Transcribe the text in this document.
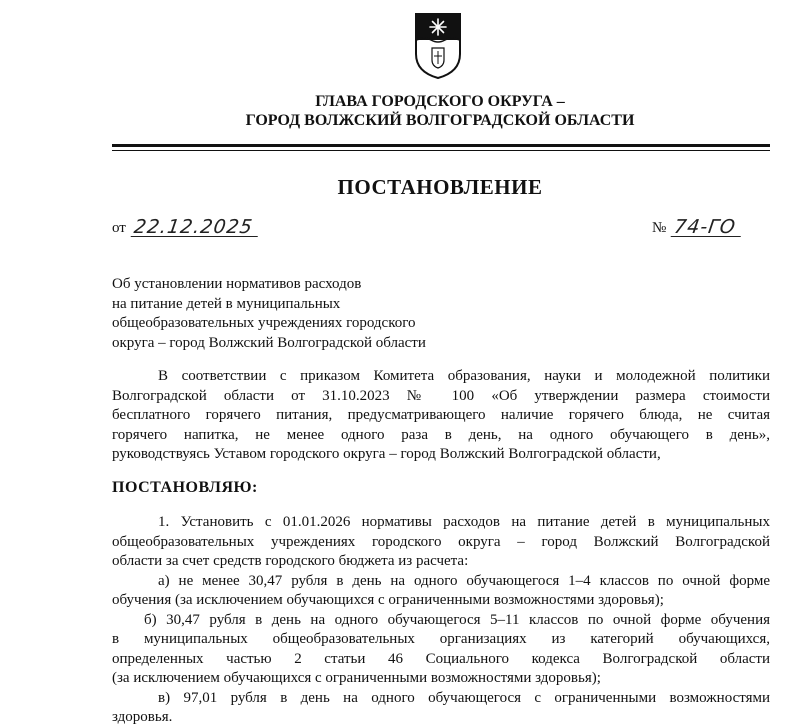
ГЛАВА ГОРОДСКОГО ОКРУГА –
ГОРОД ВОЛЖСКИЙ ВОЛГОГРАДСКОЙ ОБЛАСТИ
ПОСТАНОВЛЕНИЕ
от 22.12.2025	№ 74-ГО
Об установлении нормативов расходов
на питание детей в муниципальных
общеобразовательных учреждениях городского
округа – город Волжский Волгоградской области
В соответствии с приказом Комитета образования, науки и молодежной политики
Волгоградской области от 31.10.2023 № 100 «Об утверждении размера стоимости
бесплатного горячего питания, предусматривающего наличие горячего блюда, не считая
горячего напитка, не менее одного раза в день, на одного обучающего в день»,
руководствуясь Уставом городского округа – город Волжский Волгоградской области,
ПОСТАНОВЛЯЮ:
1. Установить с 01.01.2026 нормативы расходов на питание детей в муниципальных
общеобразовательных учреждениях городского округа – город Волжский Волгоградской
области за счет средств городского бюджета из расчета:
а) не менее 30,47 рубля в день на одного обучающегося 1–4 классов по очной форме
обучения (за исключением обучающихся с ограниченными возможностями здоровья);
б) 30,47 рубля в день на одного обучающегося 5–11 классов по очной форме обучения
в муниципальных общеобразовательных организациях из категорий обучающихся,
определенных частью 2 статьи 46 Социального кодекса Волгоградской области
(за исключением обучающихся с ограниченными возможностями здоровья);
в) 97,01 рубля в день на одного обучающегося с ограниченными возможностями
здоровья.
